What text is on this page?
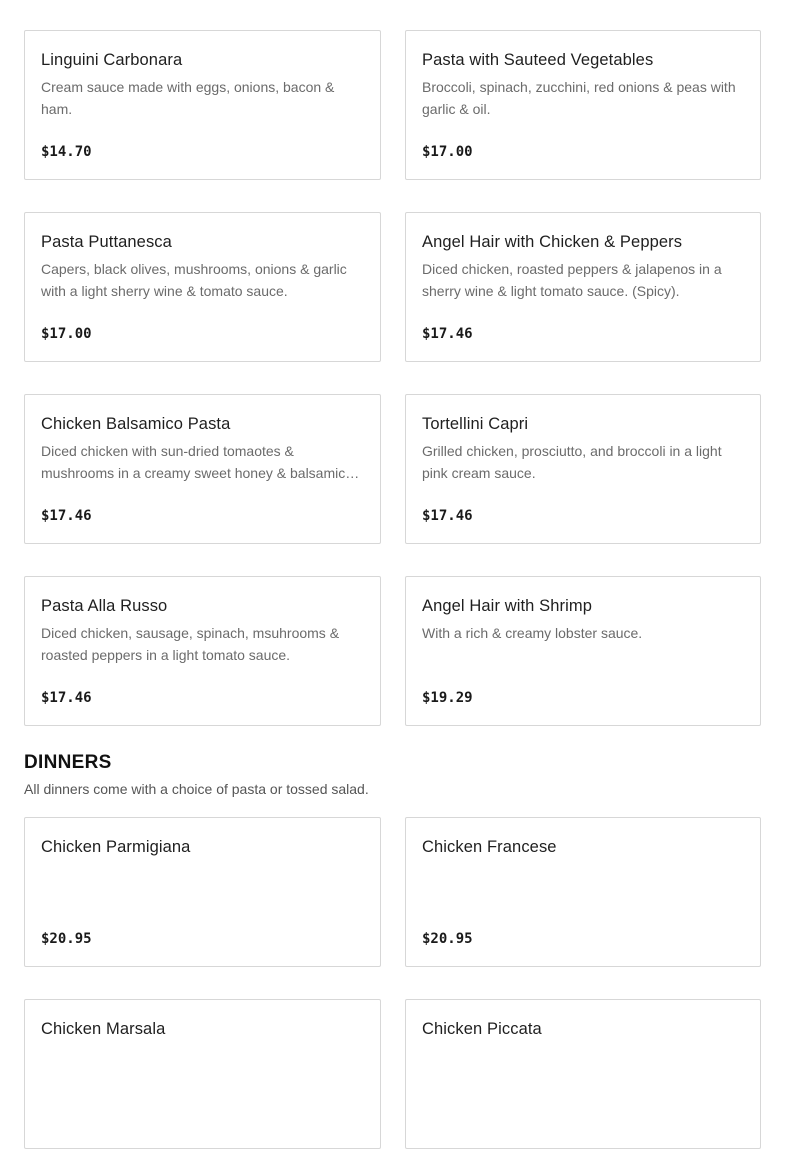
Linguini Carbonara
Cream sauce made with eggs, onions, bacon & ham.
$14.70
Pasta with Sauteed Vegetables
Broccoli, spinach, zucchini, red onions & peas with garlic & oil.
$17.00
Pasta Puttanesca
Capers, black olives, mushrooms, onions & garlic with a light sherry wine & tomato sauce.
$17.00
Angel Hair with Chicken & Peppers
Diced chicken, roasted peppers & jalapenos in a sherry wine & light tomato sauce. (Spicy).
$17.46
Chicken Balsamico Pasta
Diced chicken with sun-dried tomaotes & mushrooms in a creamy sweet honey & balsamic…
$17.46
Tortellini Capri
Grilled chicken, prosciutto, and broccoli in a light pink cream sauce.
$17.46
Pasta Alla Russo
Diced chicken, sausage, spinach, msuhrooms & roasted peppers in a light tomato sauce.
$17.46
Angel Hair with Shrimp
With a rich & creamy lobster sauce.
$19.29
DINNERS
All dinners come with a choice of pasta or tossed salad.
Chicken Parmigiana
$20.95
Chicken Francese
$20.95
Chicken Marsala	Chicken Piccata
